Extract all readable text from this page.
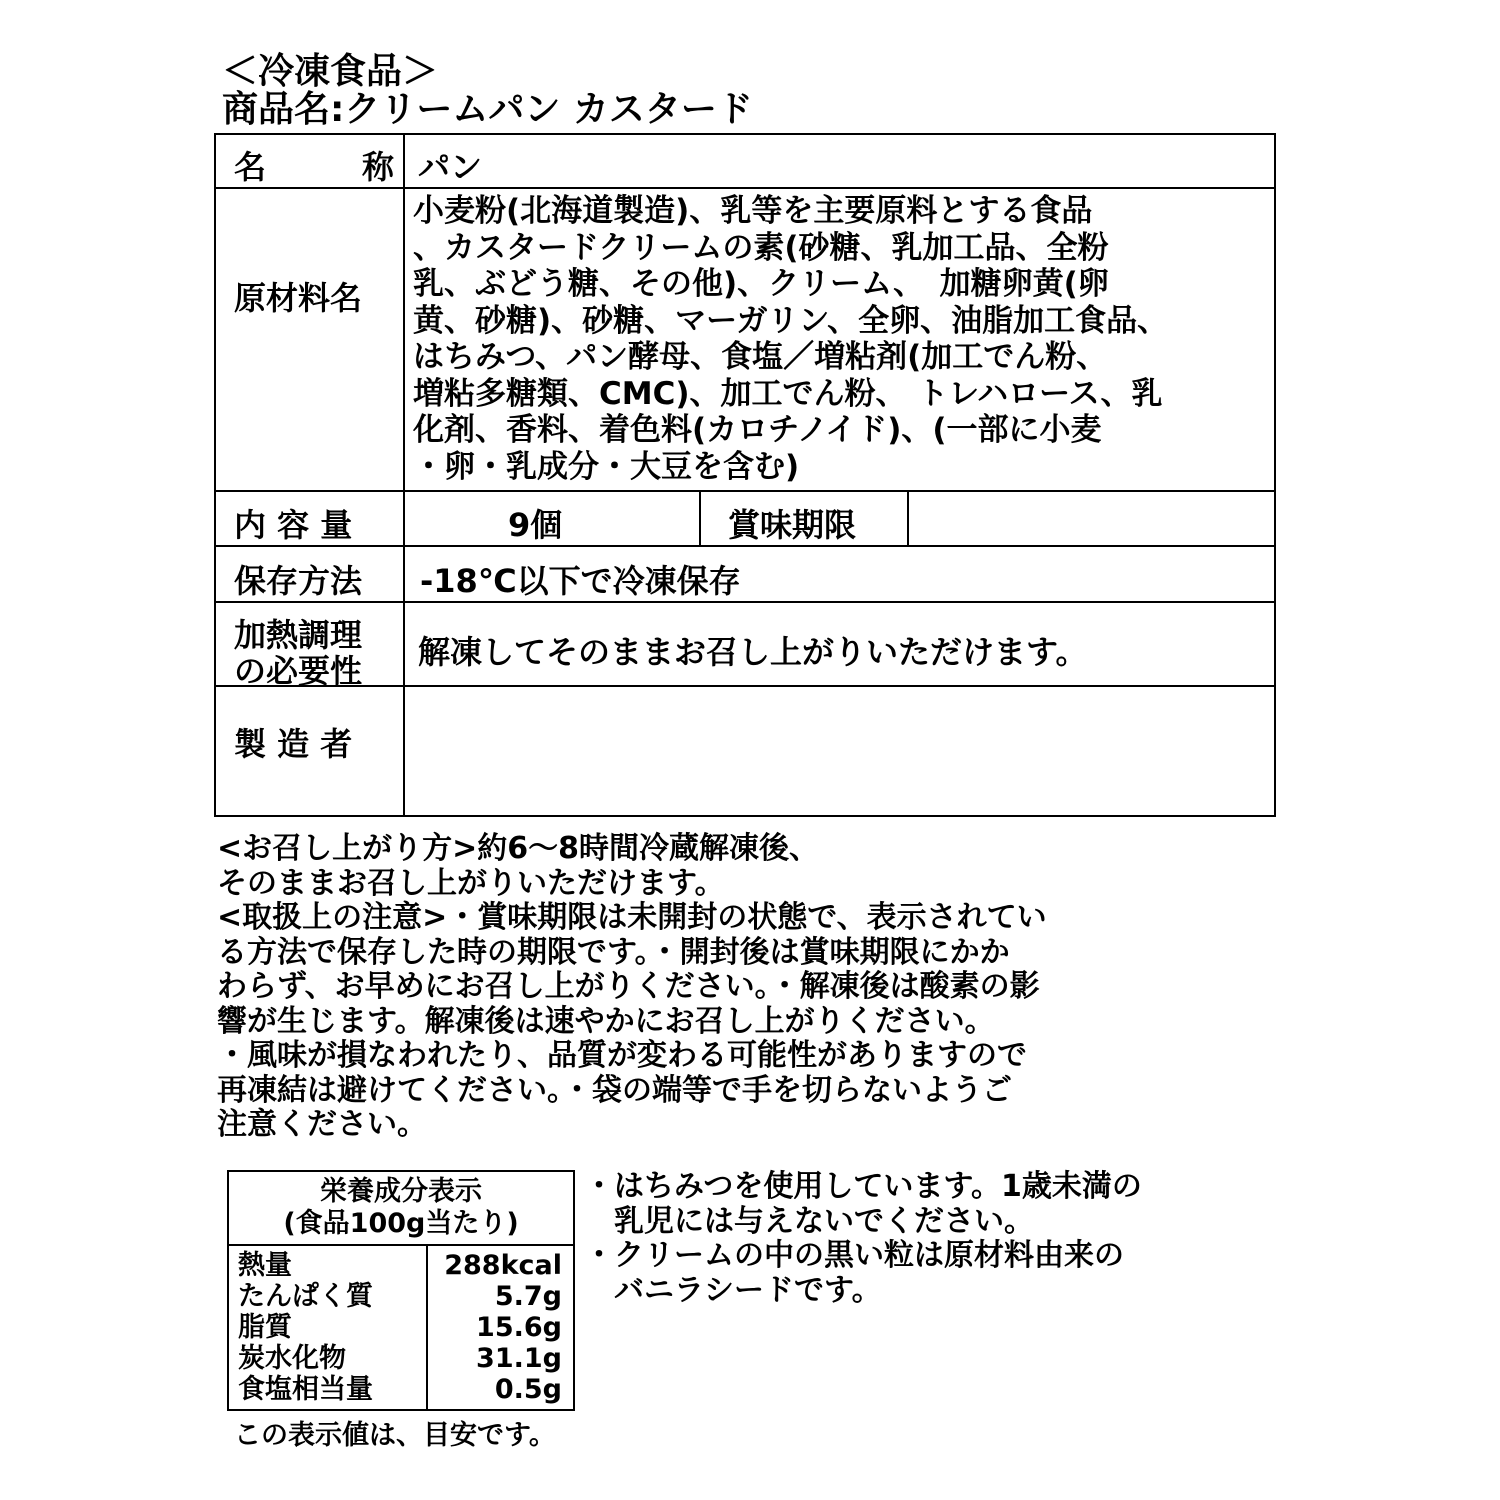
＜冷凍食品＞
商品名:クリームパン カスタード
名　　　称 パン
原材料名
小麦粉(北海道製造)、乳等を主要原料とする食品
、カスタードクリームの素(砂糖、乳加工品、全粉
乳、ぶどう糖、その他)、クリーム、　加糖卵黄(卵
黄、砂糖)、砂糖、マーガリン、全卵、油脂加工食品、
はちみつ、パン酵母、食塩／増粘剤(加工でん粉、
増粘多糖類、CMC)、加工でん粉、 トレハロース、乳
化剤、香料、着色料(カロチノイド)、(一部に小麦
・卵・乳成分・大豆を含む)
内 容 量	9個	賞味期限
保存方法 -18℃以下で冷凍保存
加熱調理
の必要性 解凍してそのままお召し上がりいただけます。
製 造 者
<お召し上がり方>約6～8時間冷蔵解凍後、
そのままお召し上がりいただけます。
<取扱上の注意>・賞味期限は未開封の状態で、表示されてい
る方法で保存した時の期限です。・開封後は賞味期限にかか
わらず、お早めにお召し上がりください。・解凍後は酸素の影
響が生じます。解凍後は速やかにお召し上がりください。
・風味が損なわれたり、品質が変わる可能性がありますので
再凍結は避けてください。・袋の端等で手を切らないようご
注意ください。
栄養成分表示
(食品100g当たり)
熱量
たんぱく質
脂質
炭水化物
食塩相当量
288kcal
5.7g
15.6g
31.1g
0.5g
この表示値は、目安です。
・はちみつを使用しています。1歳未満の
　乳児には与えないでください。
・クリームの中の黒い粒は原材料由来の
　バニラシードです。
